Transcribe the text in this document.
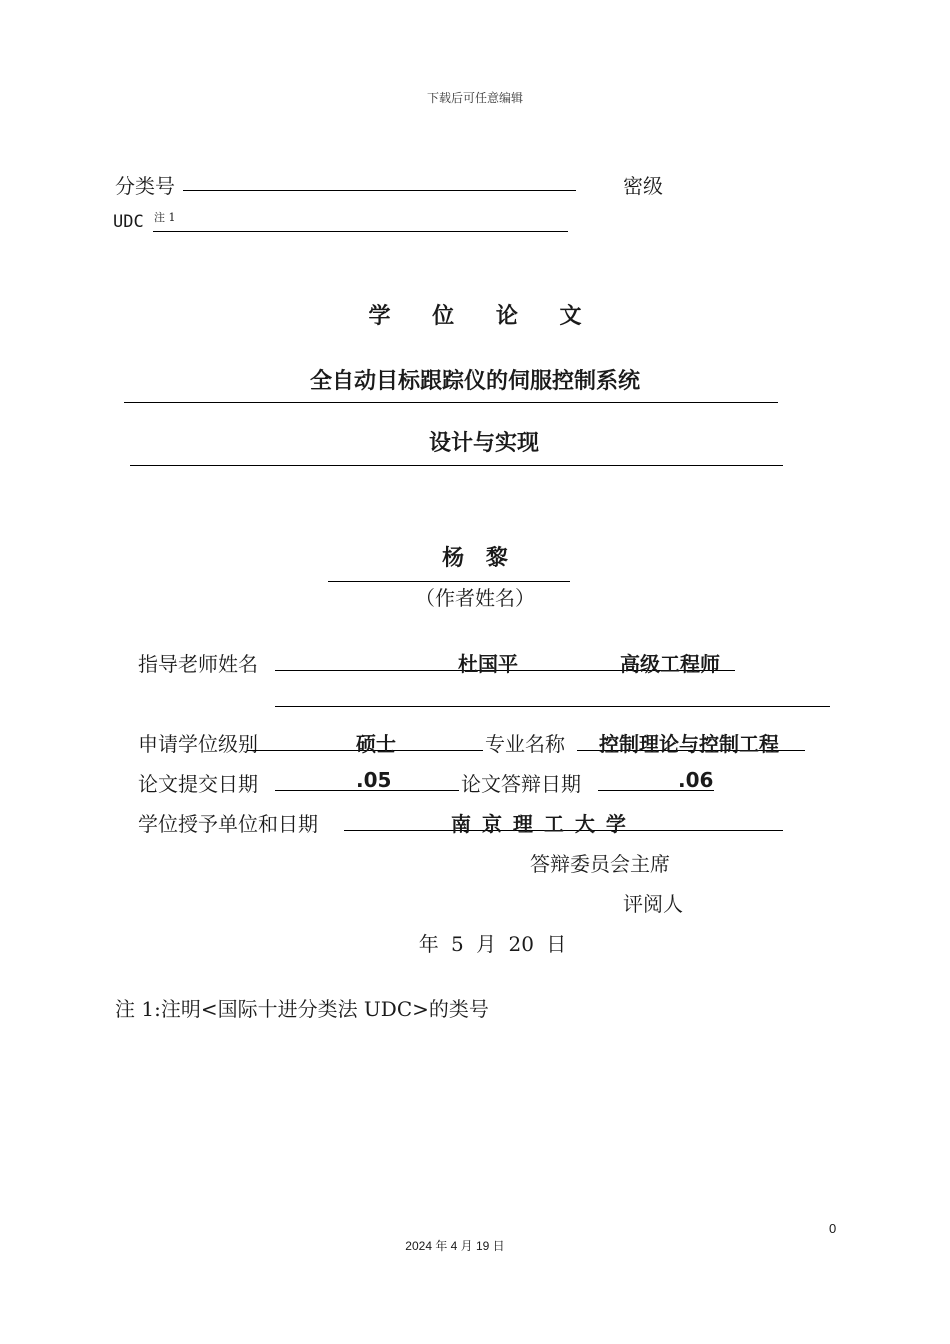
下载后可任意编辑
分类号	密级
UDC 注 1
学 位 论 文
全自动目标跟踪仪的伺服控制系统
设计与实现
杨 黎
（作者姓名）
指导老师姓名	杜国平	高级工程师
申请学位级别	硕士	专业名称 控制理论与控制工程
论文提交日期	.05	论文答辩日期	.06
学位授予单位和日期	南 京 理 工 大 学
答辩委员会主席
评阅人
年 5 月 20 日
注 1:注明<国际十进分类法 UDC>的类号
0
2024 年 4 月 19 日
